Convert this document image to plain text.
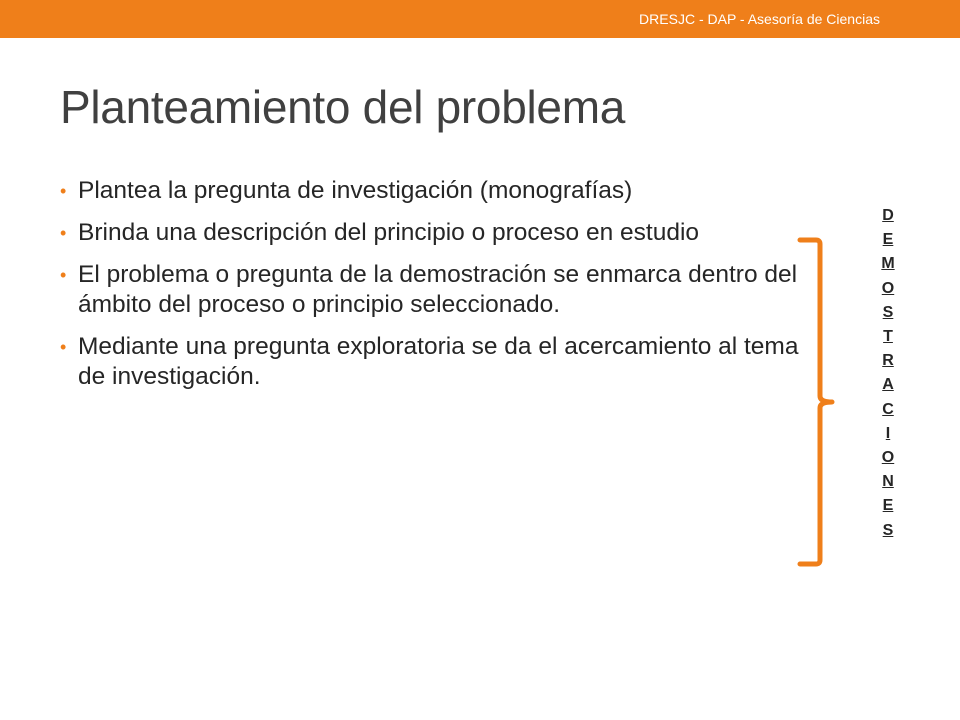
DRESJC - DAP - Asesoría de Ciencias
Planteamiento del problema
• Plantea la pregunta de investigación (monografías)
• Brinda una descripción del principio o proceso en estudio
• El problema o pregunta de la demostración se enmarca dentro del ámbito del proceso o principio seleccionado.
• Mediante una pregunta exploratoria se da el acercamiento al tema de investigación.
D
E
M
O
S
T
R
A
C
I
O
N
E
S
